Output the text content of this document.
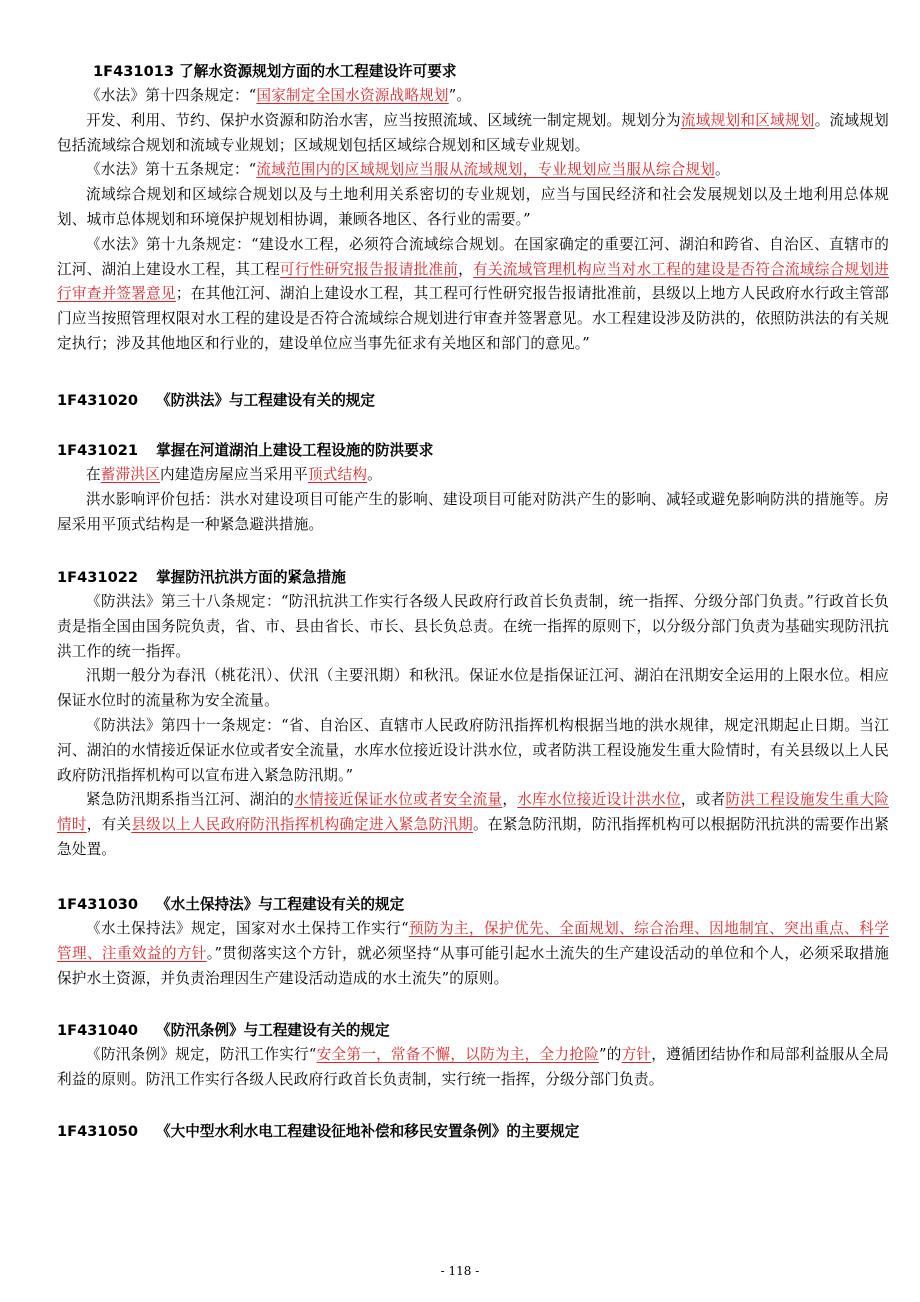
1F431013 了解水资源规划方面的水工程建设许可要求

《水法》第十四条规定：“国家制定全国水资源战略规划”。

开发、利用、节约、保护水资源和防治水害，应当按照流域、区域统一制定规划。规划分为流域规划和区域规划。流域规划包括流域综合规划和流域专业规划；区域规划包括区域综合规划和区域专业规划。

《水法》第十五条规定：“流域范围内的区域规划应当服从流域规划，专业规划应当服从综合规划。

流域综合规划和区域综合规划以及与土地利用关系密切的专业规划，应当与国民经济和社会发展规划以及土地利用总体规划、城市总体规划和环境保护规划相协调，兼顾各地区、各行业的需要。”

《水法》第十九条规定：“建设水工程，必须符合流域综合规划。在国家确定的重要江河、湖泊和跨省、自治区、直辖市的江河、湖泊上建设水工程，其工程可行性研究报告报请批准前，有关流域管理机构应当对水工程的建设是否符合流域综合规划进行审查并签署意见；在其他江河、湖泊上建设水工程，其工程可行性研究报告报请批准前，县级以上地方人民政府水行政主管部门应当按照管理权限对水工程的建设是否符合流域综合规划进行审查并签署意见。水工程建设涉及防洪的，依照防洪法的有关规定执行；涉及其他地区和行业的，建设单位应当事先征求有关地区和部门的意见。”

1F431020 《防洪法》与工程建设有关的规定
1F431021 掌握在河道湖泊上建设工程设施的防洪要求

在蓄滞洪区内建造房屋应当采用平顶式结构。

洪水影响评价包括：洪水对建设项目可能产生的影响、建设项目可能对防洪产生的影响、减轻或避免影响防洪的措施等。房屋采用平顶式结构是一种紧急避洪措施。

1F431022 掌握防汛抗洪方面的紧急措施

《防洪法》第三十八条规定：“防汛抗洪工作实行各级人民政府行政首长负责制，统一指挥、分级分部门负责。”行政首长负责是指全国由国务院负责，省、市、县由省长、市长、县长负总责。在统一指挥的原则下，以分级分部门负责为基础实现防汛抗洪工作的统一指挥。

汛期一般分为春汛（桃花汛）、伏汛（主要汛期）和秋汛。保证水位是指保证江河、湖泊在汛期安全运用的上限水位。相应保证水位时的流量称为安全流量。

《防洪法》第四十一条规定：“省、自治区、直辖市人民政府防汛指挥机构根据当地的洪水规律，规定汛期起止日期。当江河、湖泊的水情接近保证水位或者安全流量，水库水位接近设计洪水位，或者防洪工程设施发生重大险情时，有关县级以上人民政府防汛指挥机构可以宣布进入紧急防汛期。”

紧急防汛期系指当江河、湖泊的水情接近保证水位或者安全流量，水库水位接近设计洪水位，或者防洪工程设施发生重大险情时，有关县级以上人民政府防汛指挥机构确定进入紧急防汛期。在紧急防汛期，防汛指挥机构可以根据防汛抗洪的需要作出紧急处置。

1F431030 《水土保持法》与工程建设有关的规定

《水土保持法》规定，国家对水土保持工作实行“预防为主，保护优先、全面规划、综合治理、因地制宜、突出重点、科学管理、注重效益的方针。”贯彻落实这个方针，就必须坚持“从事可能引起水土流失的生产建设活动的单位和个人，必须采取措施保护水土资源，并负责治理因生产建设活动造成的水土流失”的原则。

1F431040 《防汛条例》与工程建设有关的规定

《防汛条例》规定，防汛工作实行“安全第一，常备不懈，以防为主，全力抢险”的方针，遵循团结协作和局部利益服从全局利益的原则。防汛工作实行各级人民政府行政首长负责制，实行统一指挥，分级分部门负责。

1F431050 《大中型水利水电工程建设征地补偿和移民安置条例》的主要规定
- 118 -
